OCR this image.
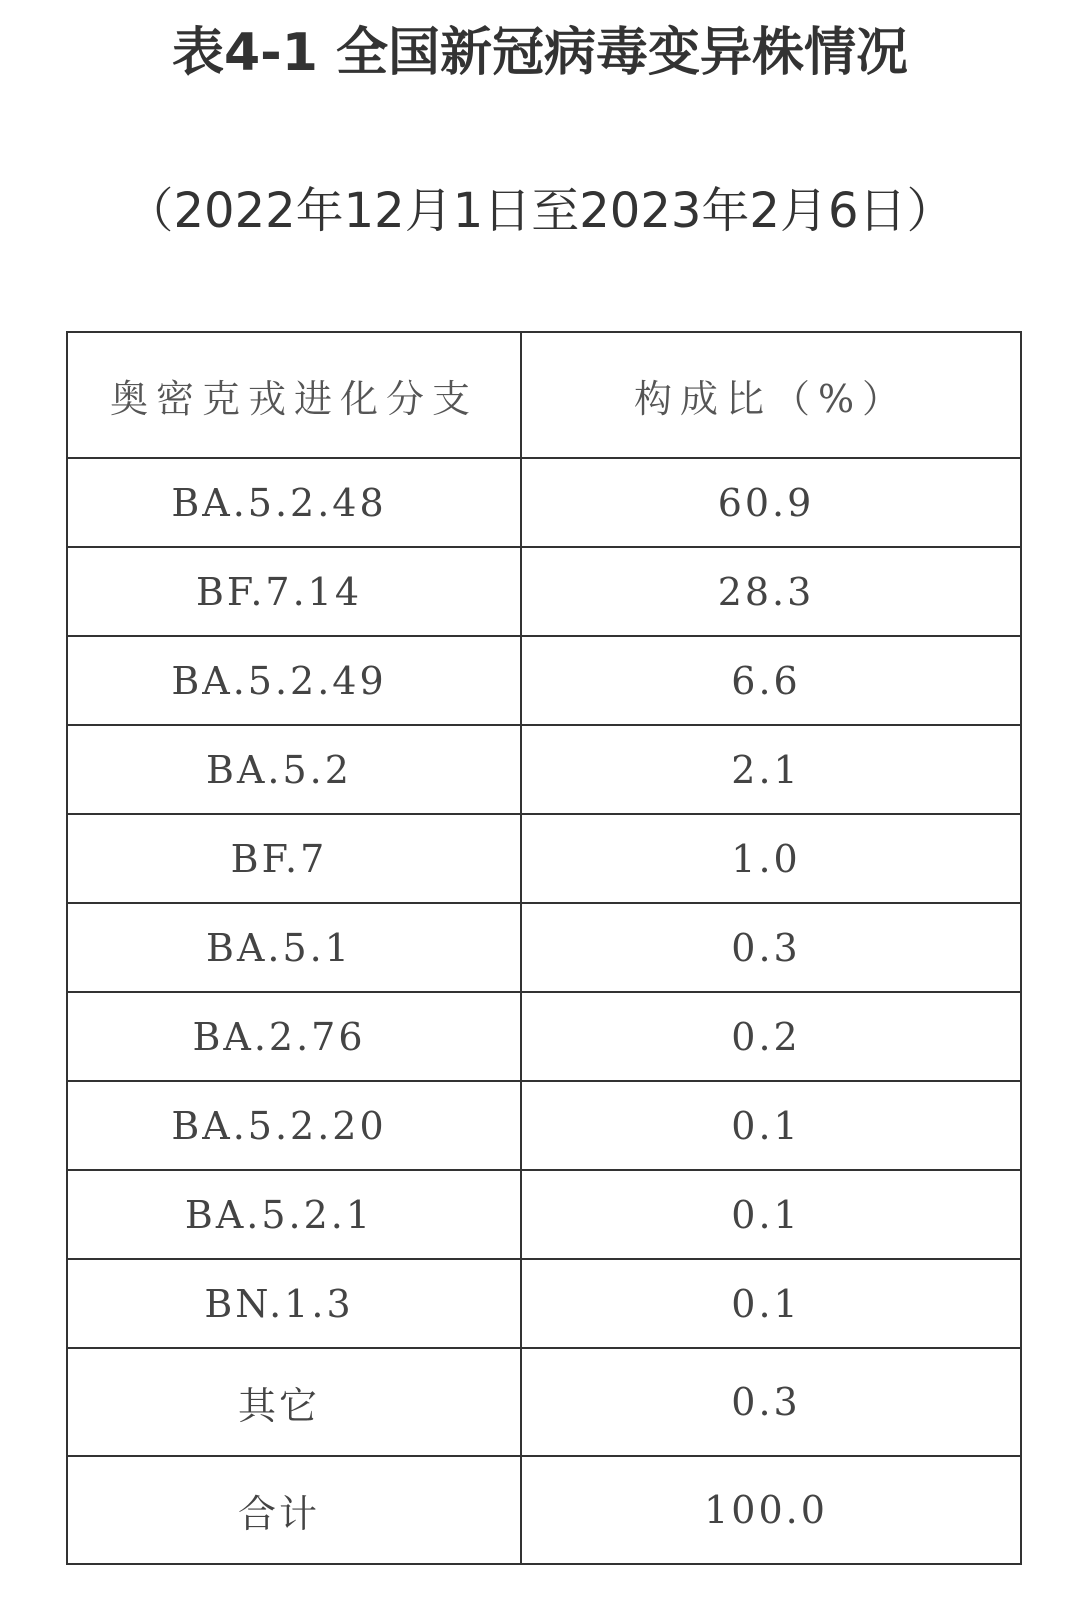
表4-1 全国新冠病毒变异株情况

（2022年12月1日至2023年2月6日）

奥密克戎进化分支	构成比（%）
BA.5.2.48	60.9
BF.7.14	28.3
BA.5.2.49	6.6
BA.5.2	2.1
BF.7	1.0
BA.5.1	0.3
BA.2.76	0.2
BA.5.2.20	0.1
BA.5.2.1	0.1
BN.1.3	0.1
其它	0.3
合计	100.0
